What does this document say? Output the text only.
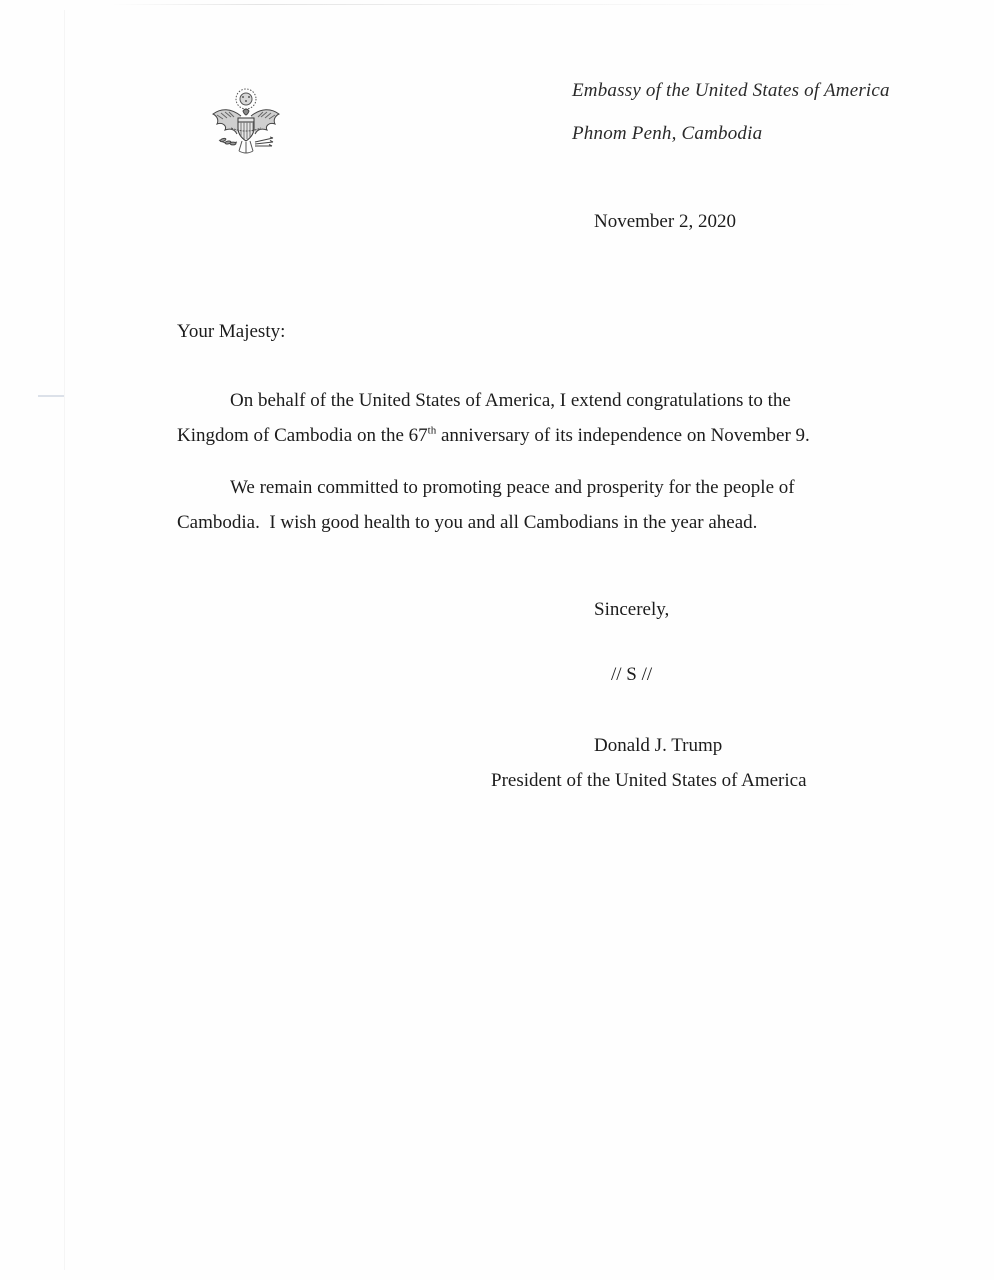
Embassy of the United States of America
Phnom Penh, Cambodia
November 2, 2020
Your Majesty:
On behalf of the United States of America, I extend congratulations to the
Kingdom of Cambodia on the 67th anniversary of its independence on November 9.
We remain committed to promoting peace and prosperity for the people of
Cambodia.  I wish good health to you and all Cambodians in the year ahead.
Sincerely,
// S //
Donald J. Trump
President of the United States of America
